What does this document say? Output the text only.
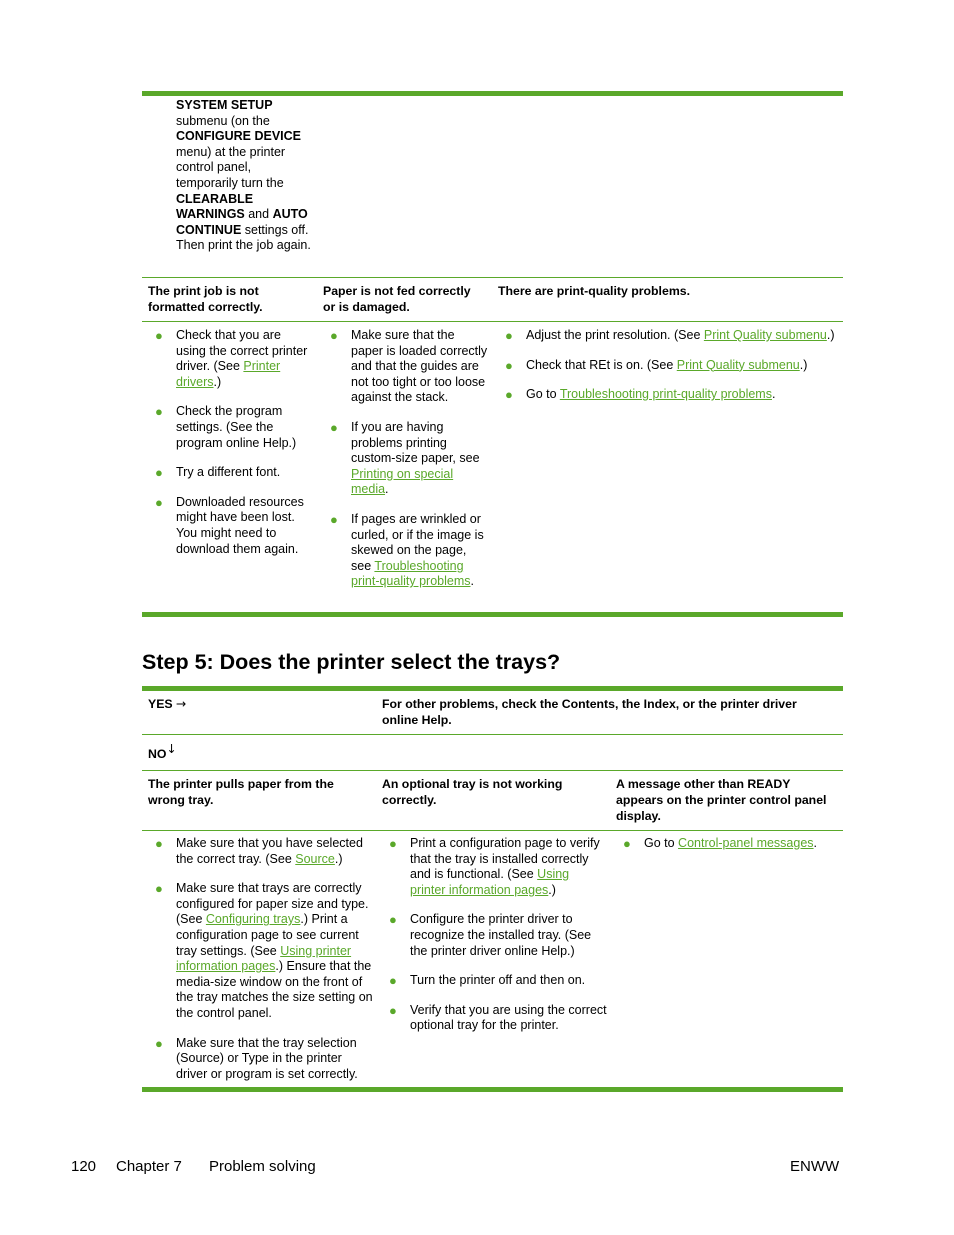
SYSTEM SETUP submenu (on the CONFIGURE DEVICE menu) at the printer control panel, temporarily turn the CLEARABLE WARNINGS and AUTO CONTINUE settings off. Then print the job again.
The print job is not formatted correctly.
Paper is not fed correctly or is damaged.
There are print-quality problems.
● Check that you are using the correct printer driver. (See Printer drivers.)
● Check the program settings. (See the program online Help.)
● Try a different font.
● Downloaded resources might have been lost. You might need to download them again.
● Make sure that the paper is loaded correctly and that the guides are not too tight or too loose against the stack.
● If you are having problems printing custom-size paper, see Printing on special media.
● If pages are wrinkled or curled, or if the image is skewed on the page, see Troubleshooting print-quality problems.
● Adjust the print resolution. (See Print Quality submenu.)
● Check that REt is on. (See Print Quality submenu.)
● Go to Troubleshooting print-quality problems.
Step 5: Does the printer select the trays?
YES →	For other problems, check the Contents, the Index, or the printer driver online Help.
NO↓
The printer pulls paper from the wrong tray.
An optional tray is not working correctly.
A message other than READY appears on the printer control panel display.
● Make sure that you have selected the correct tray. (See Source.)
● Make sure that trays are correctly configured for paper size and type. (See Configuring trays.) Print a configuration page to see current tray settings. (See Using printer information pages.) Ensure that the media-size window on the front of the tray matches the size setting on the control panel.
● Make sure that the tray selection (Source) or Type in the printer driver or program is set correctly.
● Print a configuration page to verify that the tray is installed correctly and is functional. (See Using printer information pages.)
● Configure the printer driver to recognize the installed tray. (See the printer driver online Help.)
● Turn the printer off and then on.
● Verify that you are using the correct optional tray for the printer.
● Go to Control-panel messages.
120 Chapter 7 Problem solving	ENWW
